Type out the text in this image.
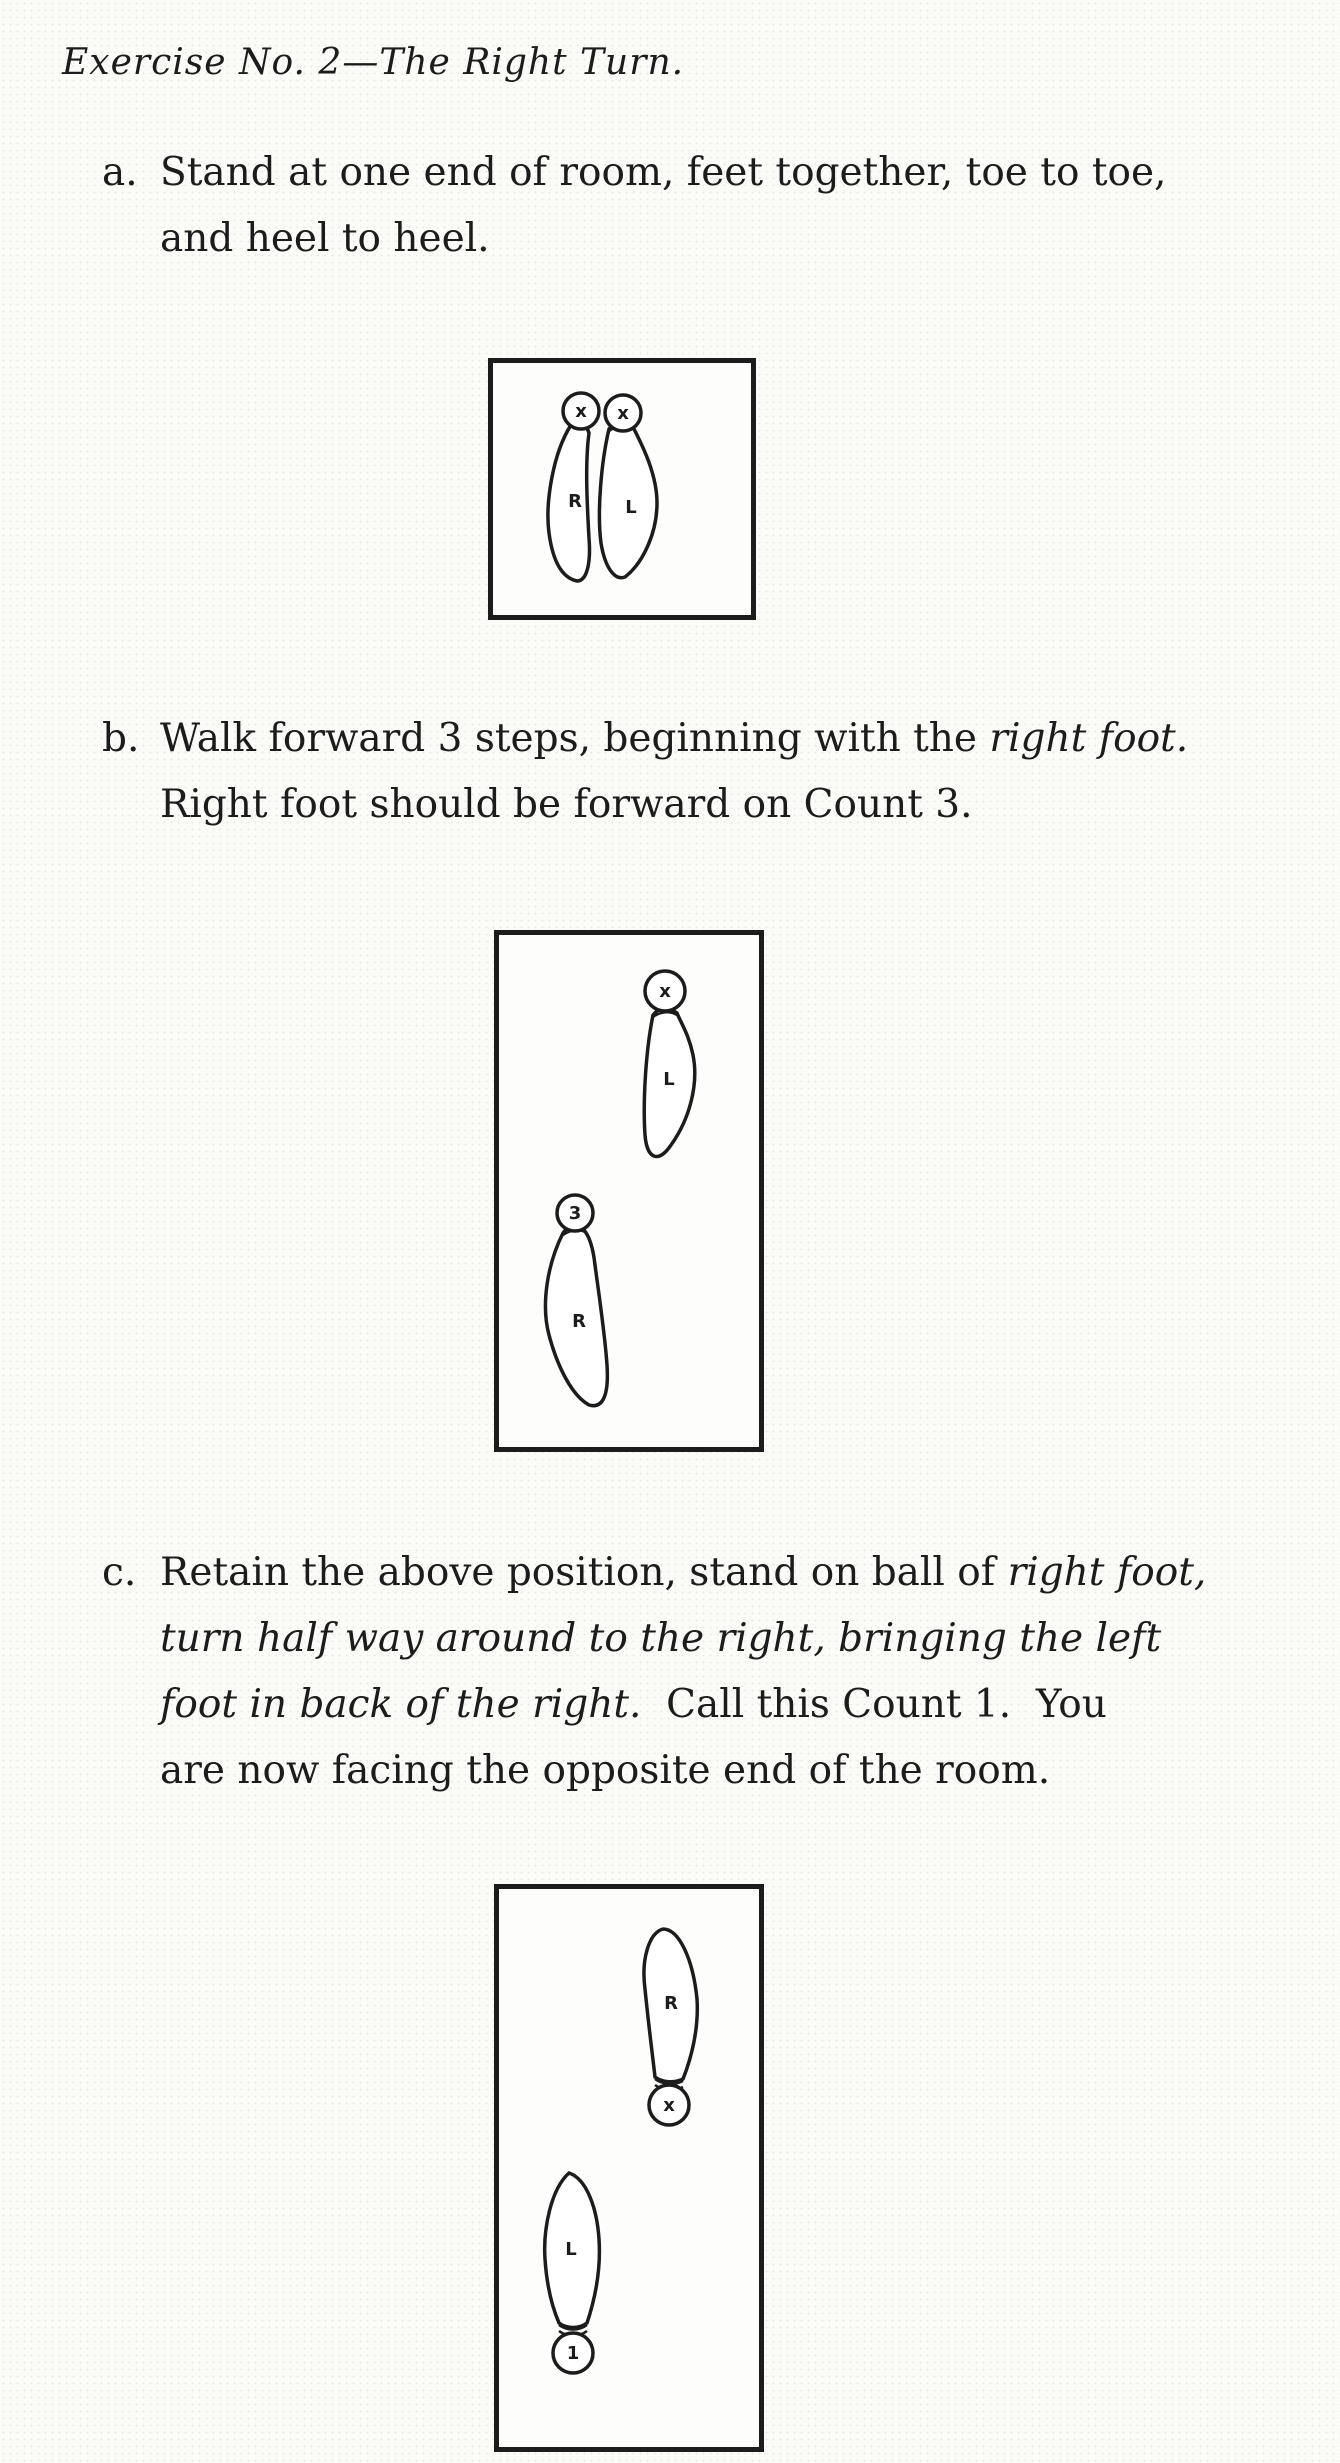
Exercise No. 2—The Right Turn.

a. Stand at one end of room, feet together, toe to toe,
and heel to heel.

x
R
x
L

b. Walk forward 3 steps, beginning with the right foot.
Right foot should be forward on Count 3.

x
L
3
R

c. Retain the above position, stand on ball of right foot,
turn half way around to the right, bringing the left
foot in back of the right.  Call this Count 1.  You
are now facing the opposite end of the room.

x
R
1
L
